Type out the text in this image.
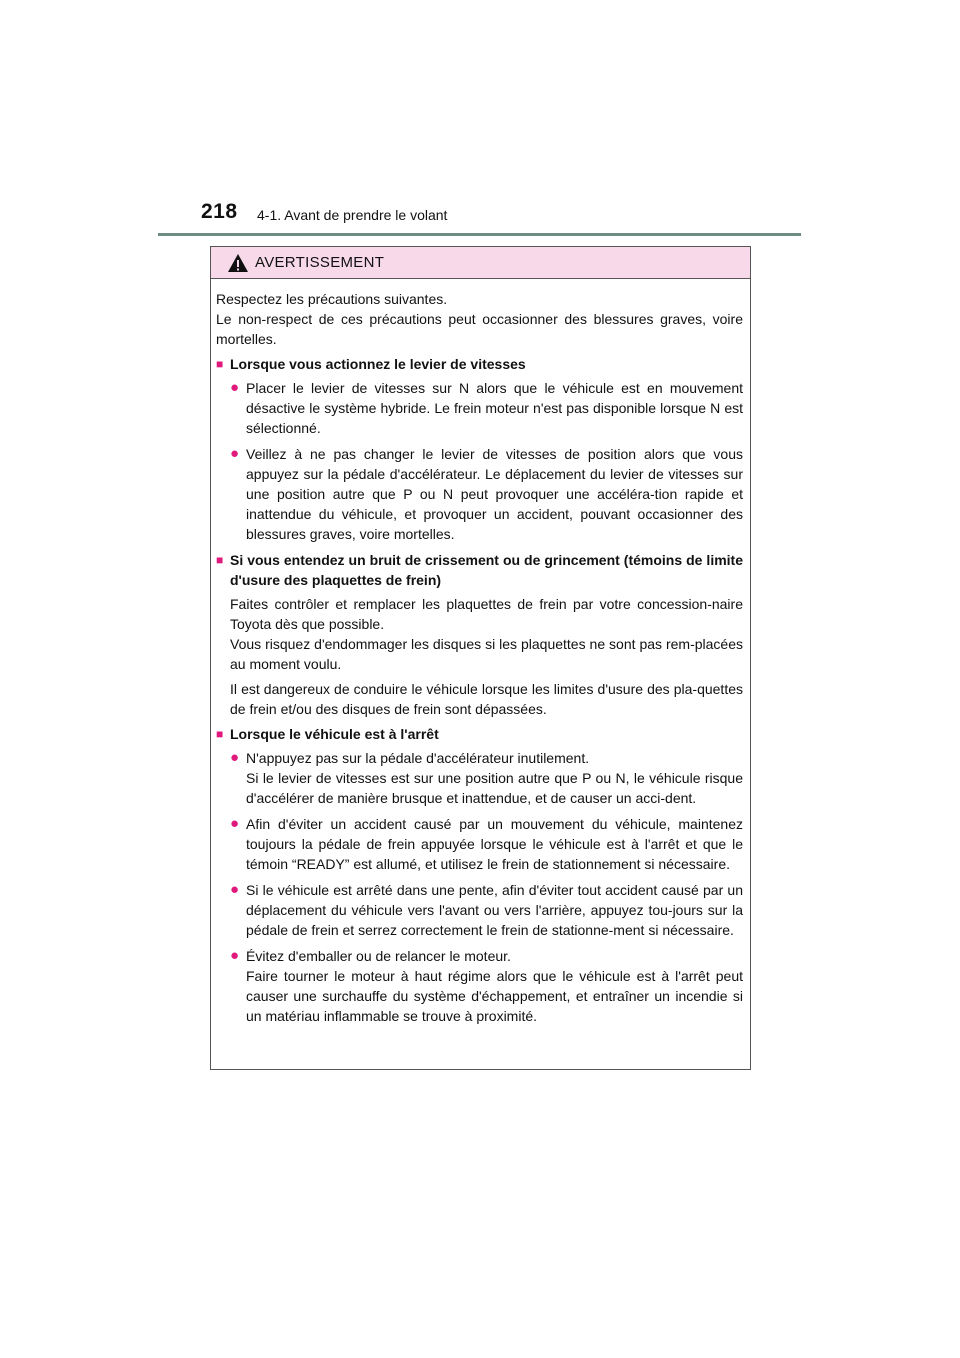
218 4-1. Avant de prendre le volant
AVERTISSEMENT

Respectez les précautions suivantes.
Le non-respect de ces précautions peut occasionner des blessures graves, voire mortelles.

■ Lorsque vous actionnez le levier de vitesses
● Placer le levier de vitesses sur N alors que le véhicule est en mouvement désactive le système hybride. Le frein moteur n'est pas disponible lorsque N est sélectionné.
● Veillez à ne pas changer le levier de vitesses de position alors que vous appuyez sur la pédale d'accélérateur. Le déplacement du levier de vitesses sur une position autre que P ou N peut provoquer une accéléra-tion rapide et inattendue du véhicule, et provoquer un accident, pouvant occasionner des blessures graves, voire mortelles.
■ Si vous entendez un bruit de crissement ou de grincement (témoins de limite d'usure des plaquettes de frein)

Faites contrôler et remplacer les plaquettes de frein par votre concession-naire Toyota dès que possible.
Vous risquez d'endommager les disques si les plaquettes ne sont pas rem-placées au moment voulu.

Il est dangereux de conduire le véhicule lorsque les limites d'usure des pla-quettes de frein et/ou des disques de frein sont dépassées.

■ Lorsque le véhicule est à l'arrêt
● N'appuyez pas sur la pédale d'accélérateur inutilement.
Si le levier de vitesses est sur une position autre que P ou N, le véhicule risque d'accélérer de manière brusque et inattendue, et de causer un acci-dent.
● Afin d'éviter un accident causé par un mouvement du véhicule, maintenez toujours la pédale de frein appuyée lorsque le véhicule est à l'arrêt et que le témoin “READY” est allumé, et utilisez le frein de stationnement si nécessaire.
● Si le véhicule est arrêté dans une pente, afin d'éviter tout accident causé par un déplacement du véhicule vers l'avant ou vers l'arrière, appuyez tou-jours sur la pédale de frein et serrez correctement le frein de stationne-ment si nécessaire.
● Évitez d'emballer ou de relancer le moteur.
Faire tourner le moteur à haut régime alors que le véhicule est à l'arrêt peut causer une surchauffe du système d'échappement, et entraîner un incendie si un matériau inflammable se trouve à proximité.
